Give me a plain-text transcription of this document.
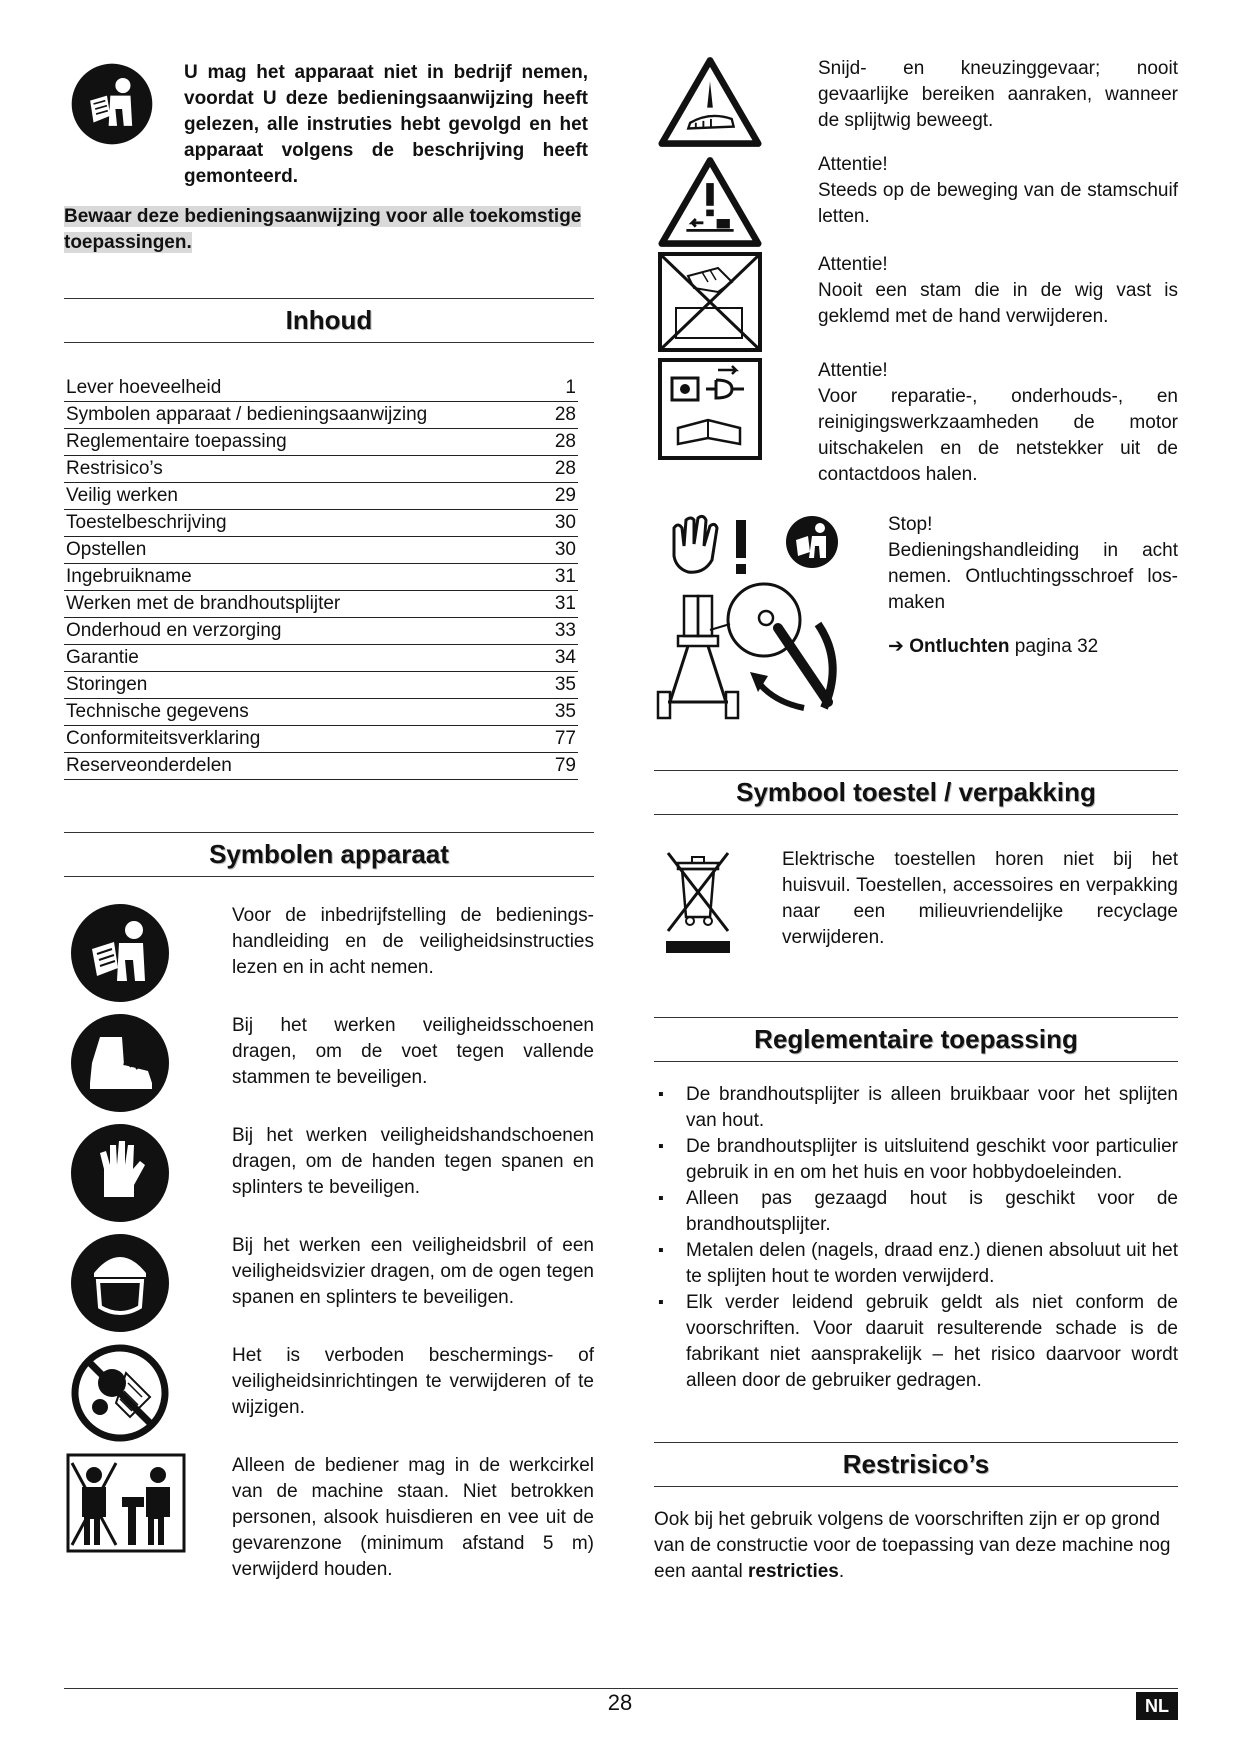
U mag het apparaat niet in bedrijf nemen, voordat U deze bedieningsaanwijzing heeft gelezen, alle instruties hebt gevolgd en het apparaat volgens de beschrijving heeft gemonteerd.
Bewaar deze bedieningsaanwijzing voor alle toekomstige toepassingen.
Inhoud
Lever hoeveelheid	1
Symbolen apparaat / bedieningsaanwijzing	28
Reglementaire toepassing	28
Restrisico’s	28
Veilig werken	29
Toestelbeschrijving	30
Opstellen	30
Ingebruikname	31
Werken met de brandhoutsplijter	31
Onderhoud en verzorging	33
Garantie	34
Storingen	35
Technische gegevens	35
Conformiteitsverklaring	77
Reserveonderdelen	79
Symbolen apparaat
Voor de inbedrijfstelling de bedienings-handleiding en de veiligheidsinstructies lezen en in acht nemen.
Bij het werken veiligheidsschoenen dragen, om de voet tegen vallende stammen te beveiligen.
Bij het werken veiligheidshandschoenen dragen, om de handen tegen spanen en splinters te beveiligen.
Bij het werken een veiligheidsbril of een veiligheidsvizier dragen, om de ogen tegen spanen en splinters te beveiligen.
Het is verboden beschermings- of veiligheidsinrichtingen te verwijderen of te wijzigen.
Alleen de bediener mag in de werkcirkel van de machine staan. Niet betrokken personen, alsook huisdieren en vee uit de gevarenzone (minimum afstand 5 m) verwijderd houden.
Snijd- en kneuzinggevaar; nooit gevaarlijke bereiken aanraken, wanneer de splijtwig beweegt.
Attentie!
Steeds op de beweging van de stamschuif letten.
Attentie!
Nooit een stam die in de wig vast is geklemd met de hand verwijderen.
Attentie!
Voor reparatie-, onderhouds-, en reinigingswerkzaamheden de motor uitschakelen en de netstekker uit de contactdoos halen.
Stop!
Bedieningshandleiding in acht nemen. Ontluchtingsschroef los-maken
➔ Ontluchten pagina 32
Symbool toestel / verpakking
Elektrische toestellen horen niet bij het huisvuil. Toestellen, accessoires en verpakking naar een milieuvriendelijke recyclage verwijderen.
Reglementaire toepassing
▪ De brandhoutsplijter is alleen bruikbaar voor het splijten van hout.
▪ De brandhoutsplijter is uitsluitend geschikt voor particulier gebruik in en om het huis en voor hobbydoeleinden.
▪ Alleen pas gezaagd hout is geschikt voor de brandhoutsplijter.
▪ Metalen delen (nagels, draad enz.) dienen absoluut uit het te splijten hout te worden verwijderd.
▪ Elk verder leidend gebruik geldt als niet conform de voorschriften. Voor daaruit resulterende schade is de fabrikant niet aansprakelijk – het risico daarvoor wordt alleen door de gebruiker gedragen.
Restrisico’s
Ook bij het gebruik volgens de voorschriften zijn er op grond van de constructie voor de toepassing van deze machine nog een aantal restricties.
28	NL
